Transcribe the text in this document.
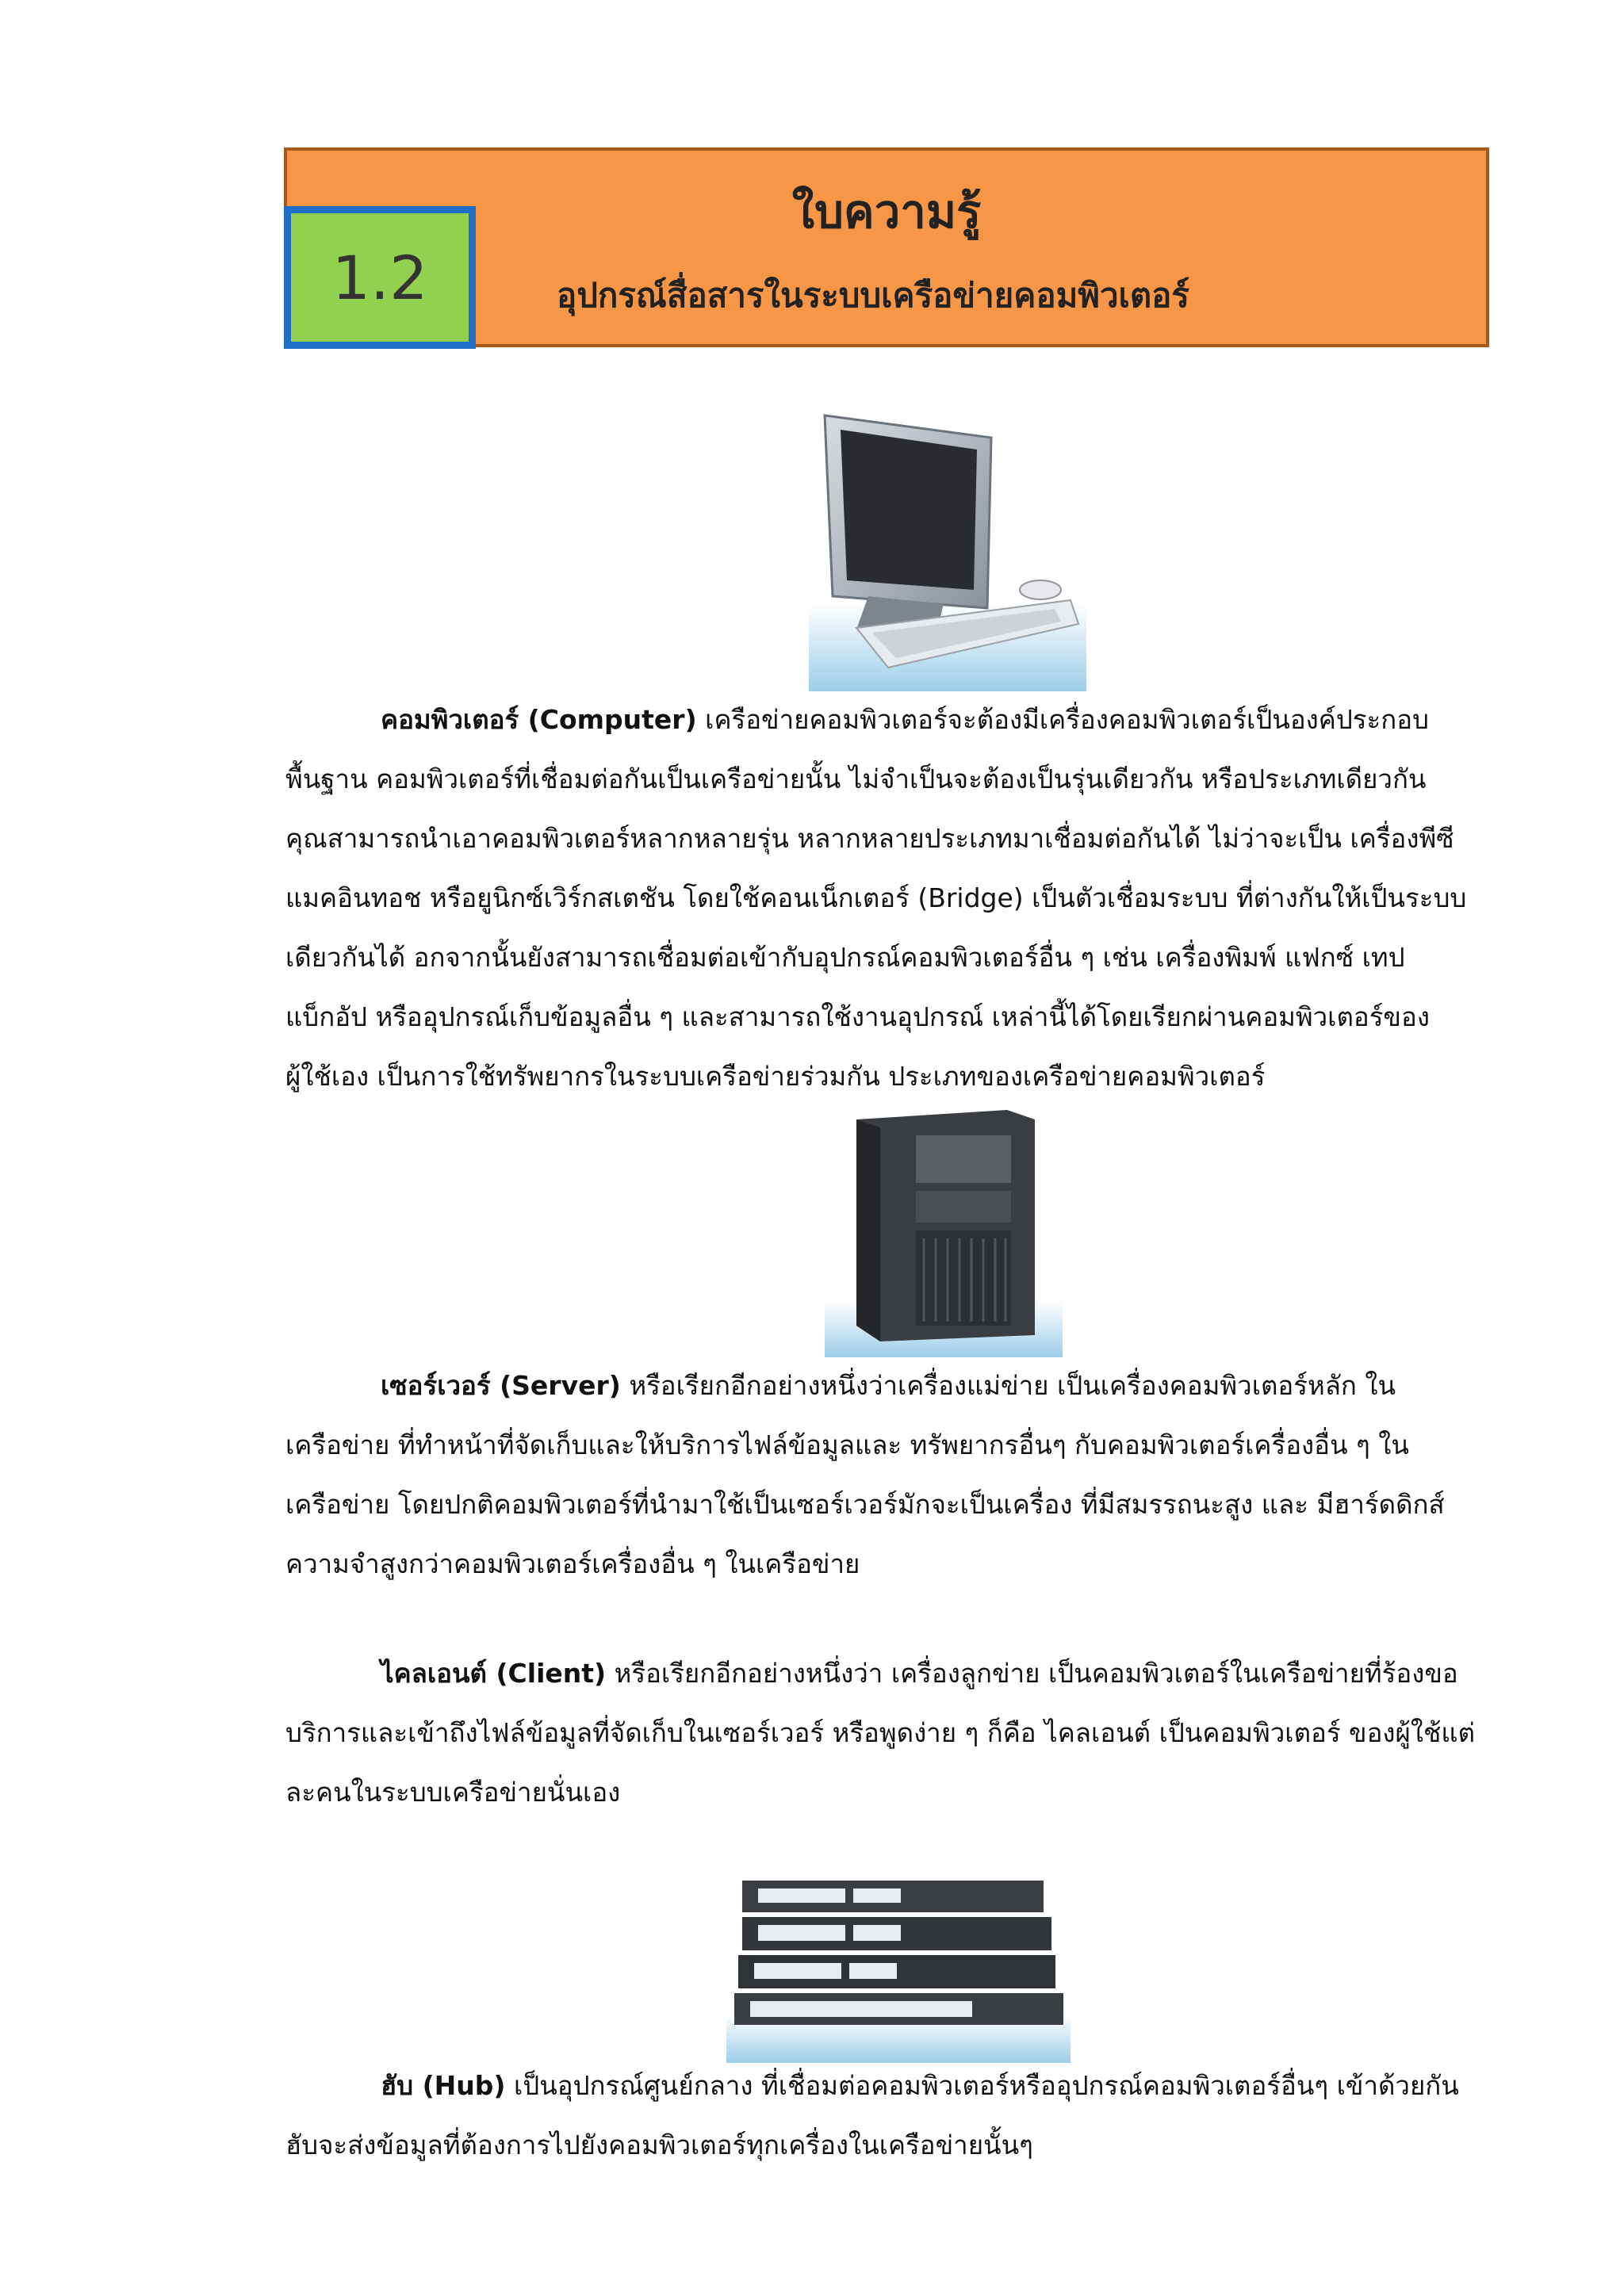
ใบความรู้
อุปกรณ์สื่อสารในระบบเครือข่ายคอมพิวเตอร์
1.2
คอมพิวเตอร์ (Computer) เครือข่ายคอมพิวเตอร์จะต้องมีเครื่องคอมพิวเตอร์เป็นองค์ประกอบ
พื้นฐาน คอมพิวเตอร์ที่เชื่อมต่อกันเป็นเครือข่ายนั้น ไม่จำเป็นจะต้องเป็นรุ่นเดียวกัน หรือประเภทเดียวกัน
คุณสามารถนำเอาคอมพิวเตอร์หลากหลายรุ่น หลากหลายประเภทมาเชื่อมต่อกันได้ ไม่ว่าจะเป็น เครื่องพีซี
แมคอินทอช หรือยูนิกซ์เวิร์กสเตชัน โดยใช้คอนเน็กเตอร์ (Bridge) เป็นตัวเชื่อมระบบ ที่ต่างกันให้เป็นระบบ
เดียวกันได้ อกจากนั้นยังสามารถเชื่อมต่อเข้ากับอุปกรณ์คอมพิวเตอร์อื่น ๆ เช่น เครื่องพิมพ์ แฟกซ์ เทป
แบ็กอัป หรืออุปกรณ์เก็บข้อมูลอื่น ๆ และสามารถใช้งานอุปกรณ์ เหล่านี้ได้โดยเรียกผ่านคอมพิวเตอร์ของ
ผู้ใช้เอง เป็นการใช้ทรัพยากรในระบบเครือข่ายร่วมกัน ประเภทของเครือข่ายคอมพิวเตอร์
เซอร์เวอร์ (Server) หรือเรียกอีกอย่างหนึ่งว่าเครื่องแม่ข่าย เป็นเครื่องคอมพิวเตอร์หลัก ใน
เครือข่าย ที่ทำหน้าที่จัดเก็บและให้บริการไฟล์ข้อมูลและ ทรัพยากรอื่นๆ กับคอมพิวเตอร์เครื่องอื่น ๆ ใน
เครือข่าย โดยปกติคอมพิวเตอร์ที่นำมาใช้เป็นเซอร์เวอร์มักจะเป็นเครื่อง ที่มีสมรรถนะสูง และ มีฮาร์ดดิกส์
ความจำสูงกว่าคอมพิวเตอร์เครื่องอื่น ๆ ในเครือข่าย
ไคลเอนต์ (Client) หรือเรียกอีกอย่างหนึ่งว่า เครื่องลูกข่าย เป็นคอมพิวเตอร์ในเครือข่ายที่ร้องขอ
บริการและเข้าถึงไฟล์ข้อมูลที่จัดเก็บในเซอร์เวอร์ หรือพูดง่าย ๆ ก็คือ ไคลเอนต์ เป็นคอมพิวเตอร์ ของผู้ใช้แต่
ละคนในระบบเครือข่ายนั่นเอง
ฮับ (Hub) เป็นอุปกรณ์ศูนย์กลาง ที่เชื่อมต่อคอมพิวเตอร์หรืออุปกรณ์คอมพิวเตอร์อื่นๆ เข้าด้วยกัน
ฮับจะส่งข้อมูลที่ต้องการไปยังคอมพิวเตอร์ทุกเครื่องในเครือข่ายนั้นๆ
